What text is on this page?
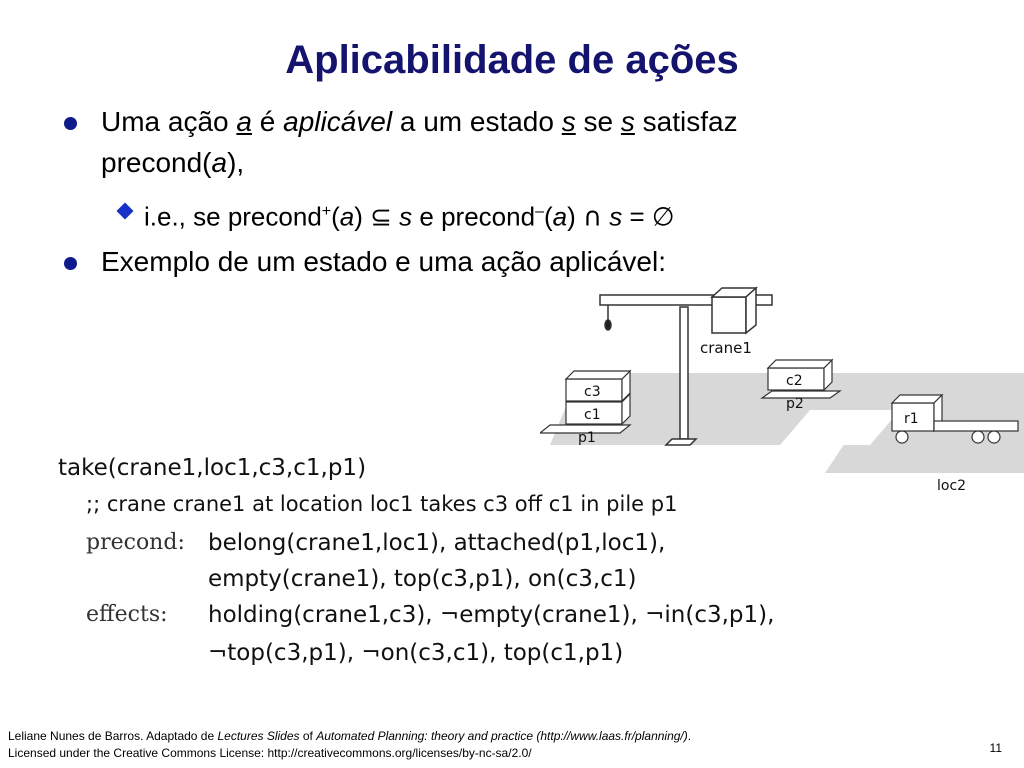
Aplicabilidade de ações
Uma ação a é aplicável a um estado s se s satisfaz
precond(a),
i.e., se precond+(a) ⊆ s e precond–(a) ∩ s = ∅
Exemplo de um estado e uma ação aplicável:
crane1
c3
c1
p1
c2
p2
r1
loc2
take(crane1,loc1,c3,c1,p1)
;; crane crane1 at location loc1 takes c3 off c1 in pile p1
precond: belong(crane1,loc1), attached(p1,loc1),
empty(crane1), top(c3,p1), on(c3,c1)
effects: holding(crane1,c3), ¬empty(crane1), ¬in(c3,p1),
¬top(c3,p1), ¬on(c3,c1), top(c1,p1)
Leliane Nunes de Barros. Adaptado de Lectures Slides of Automated Planning: theory and practice (http://www.laas.fr/planning/).
Licensed under the Creative Commons License: http://creativecommons.org/licenses/by-nc-sa/2.0/	11
